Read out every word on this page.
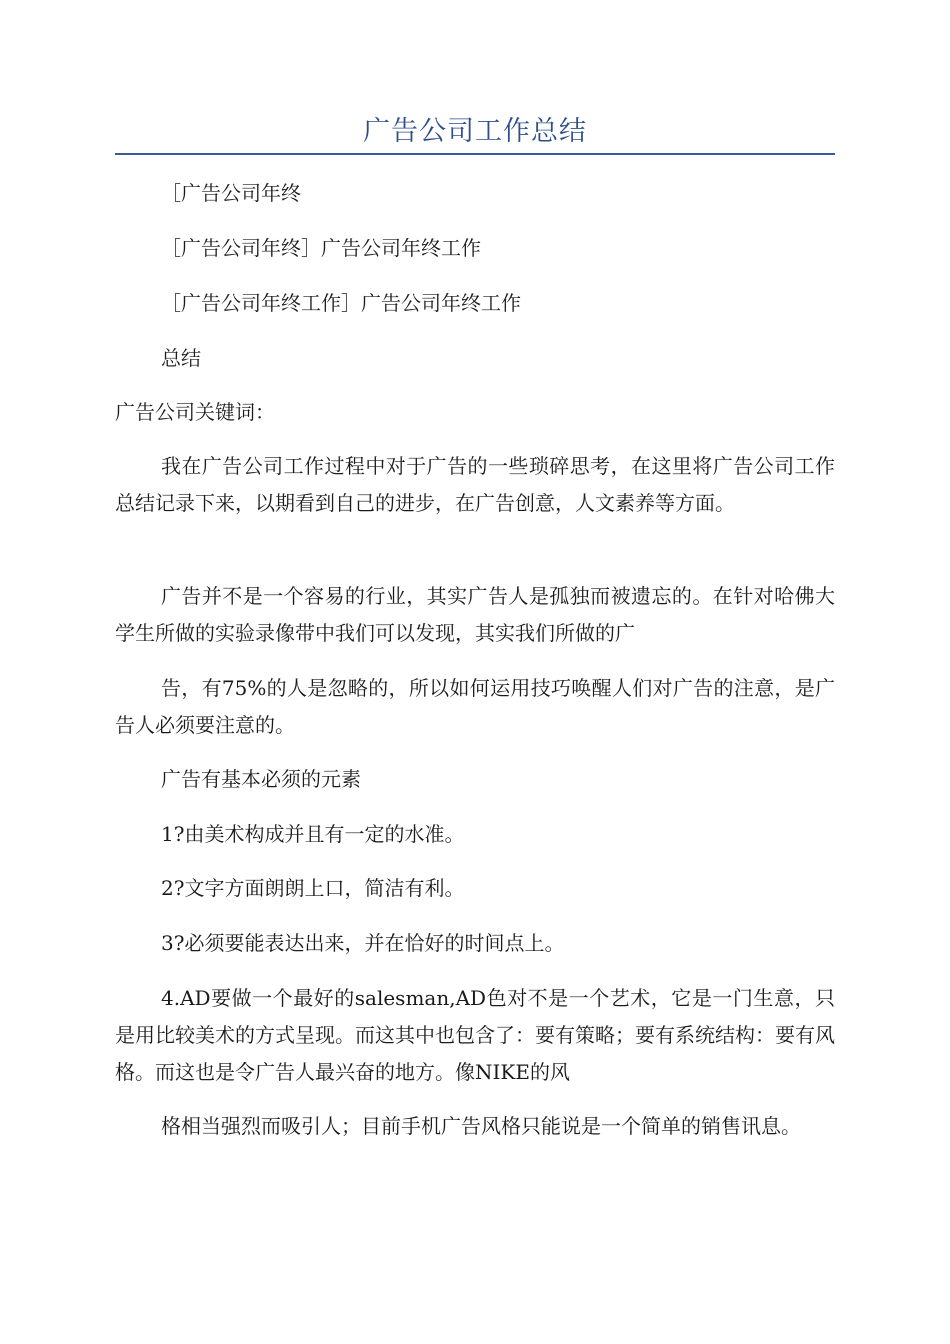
广告公司工作总结

［广告公司年终

［广告公司年终］广告公司年终工作

［广告公司年终工作］广告公司年终工作

总结

广告公司关键词：

我在广告公司工作过程中对于广告的一些琐碎思考，在这里将广告公司工作总结记录下来，以期看到自己的进步，在广告创意，人文素养等方面。

广告并不是一个容易的行业，其实广告人是孤独而被遗忘的。在针对哈佛大学生所做的实验录像带中我们可以发现，其实我们所做的广

告，有75%的人是忽略的，所以如何运用技巧唤醒人们对广告的注意，是广告人必须要注意的。

广告有基本必须的元素

1?由美术构成并且有一定的水准。

2?文字方面朗朗上口，简洁有利。

3?必须要能表达出来，并在恰好的时间点上。

4.AD要做一个最好的salesman,AD色对不是一个艺术，它是一门生意，只是用比较美术的方式呈现。而这其中也包含了：要有策略；要有系统结构：要有风格。而这也是令广告人最兴奋的地方。像NIKE的风

格相当强烈而吸引人；目前手机广告风格只能说是一个简单的销售讯息。
